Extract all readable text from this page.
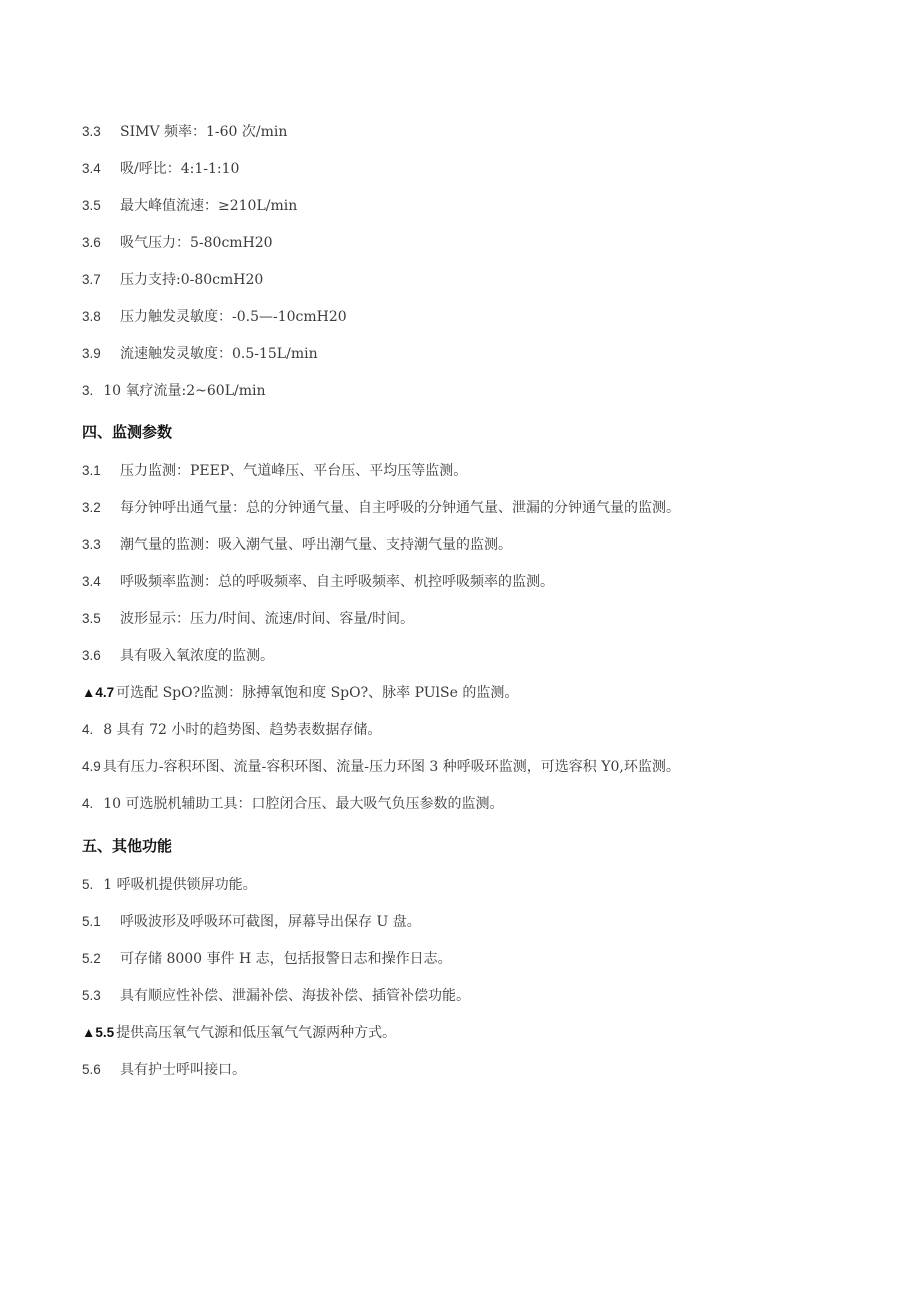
3.3 SIMV 频率：1-60 次/min
3.4 吸/呼比：4:1-1:10
3.5 最大峰值流速：≥210L/min
3.6 吸气压力：5-80cmH20
3.7 压力支持:0-80cmH20
3.8 压力触发灵敏度：-0.5—-10cmH20
3.9 流速触发灵敏度：0.5-15L/min
3. 10 氧疗流量:2~60L/min
四、监测参数
3.1 压力监测：PEEP、气道峰压、平台压、平均压等监测。
3.2 每分钟呼出通气量：总的分钟通气量、自主呼吸的分钟通气量、泄漏的分钟通气量的监测。
3.3 潮气量的监测：吸入潮气量、呼出潮气量、支持潮气量的监测。
3.4 呼吸频率监测：总的呼吸频率、自主呼吸频率、机控呼吸频率的监测。
3.5 波形显示：压力/时间、流速/时间、容量/时间。
3.6 具有吸入氧浓度的监测。
▲4.7 可选配 SpO?监测：脉搏氧饱和度 SpO?、脉率 PUlSe 的监测。
4. 8 具有 72 小时的趋势图、趋势表数据存储。
4.9 具有压力-容积环图、流量-容积环图、流量-压力环图 3 种呼吸环监测，可选容积 Y0,环监测。
4. 10 可选脱机辅助工具：口腔闭合压、最大吸气负压参数的监测。
五、其他功能
5. 1 呼吸机提供锁屏功能。
5.1 呼吸波形及呼吸环可截图，屏幕导出保存 U 盘。
5.2 可存储 8000 事件 H 志，包括报警日志和操作日志。
5.3 具有顺应性补偿、泄漏补偿、海拔补偿、插管补偿功能。
▲5.5 提供高压氧气气源和低压氧气气源两种方式。
5.6 具有护士呼叫接口。
